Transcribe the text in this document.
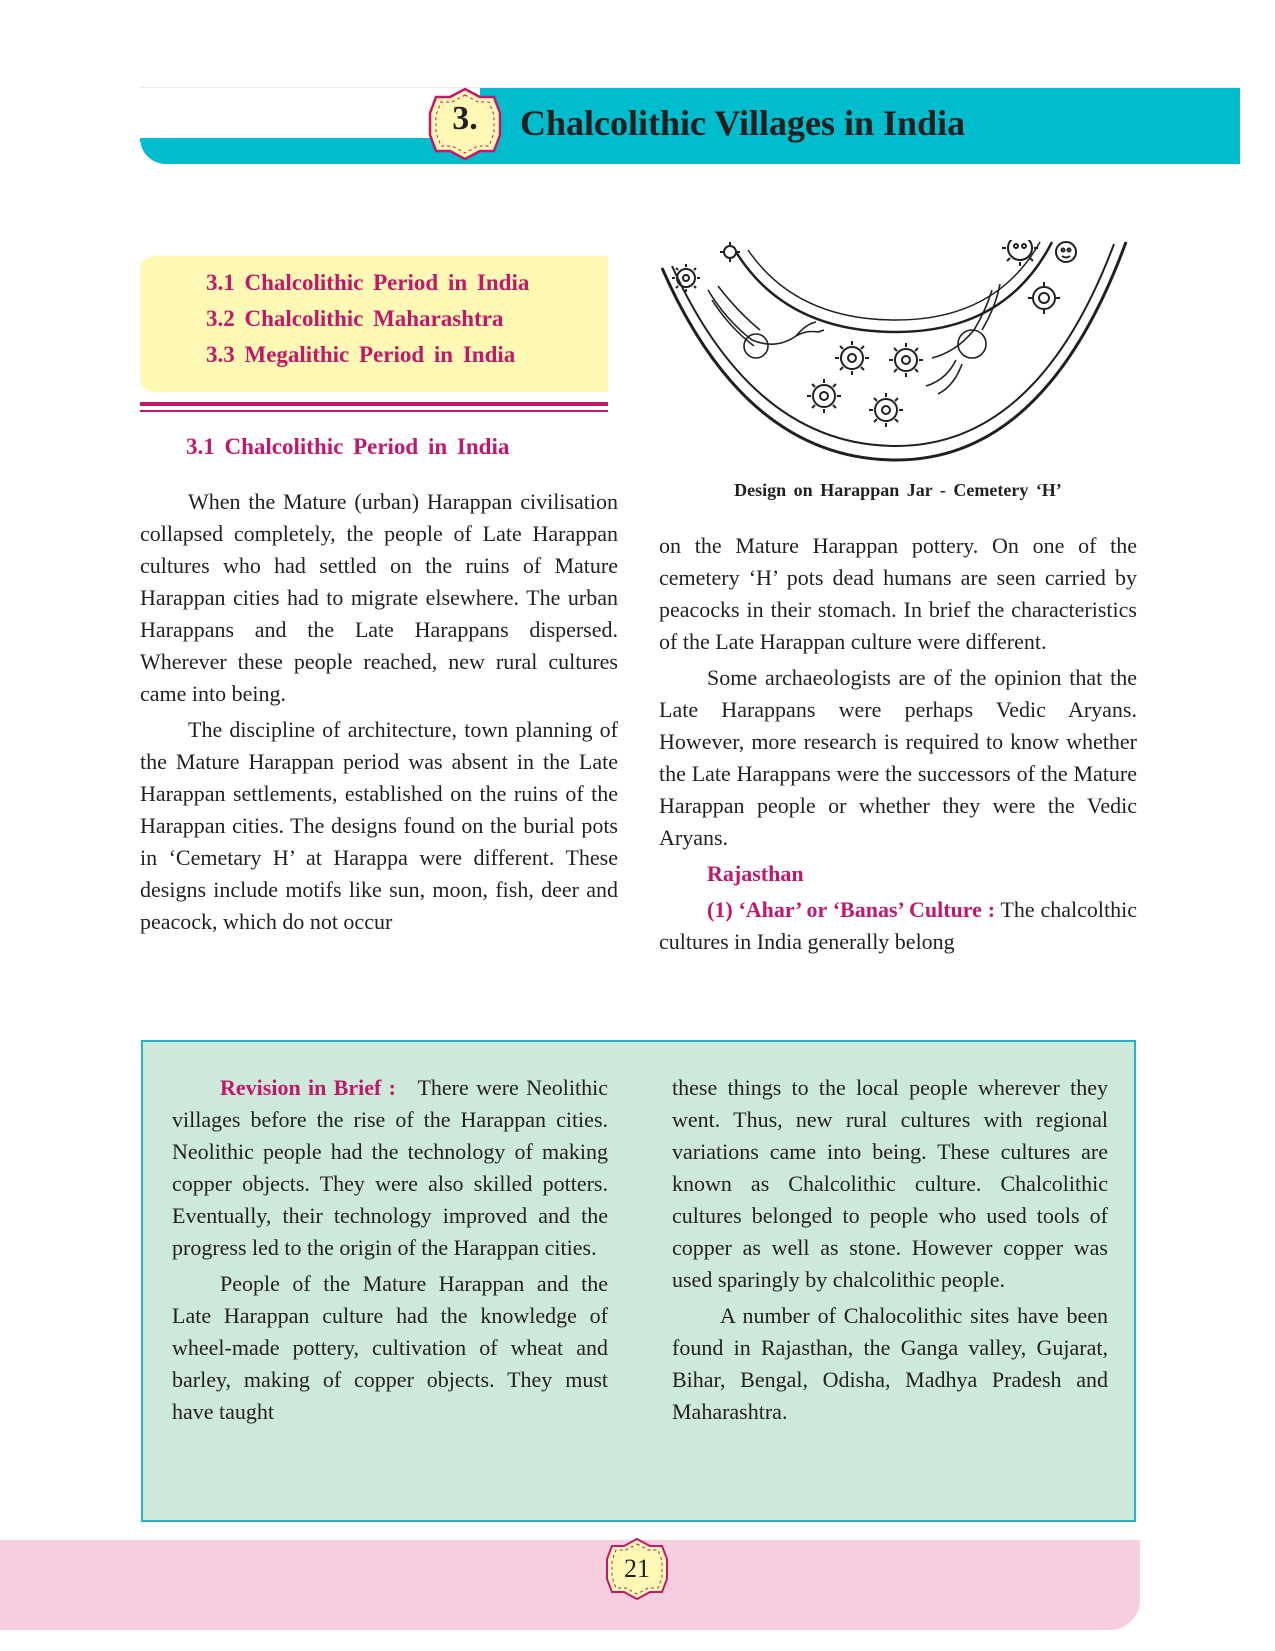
3.	Chalcolithic Villages in India
3.1 Chalcolithic Period in India
3.2 Chalcolithic Maharashtra
3.3 Megalithic Period in India
3.1 Chalcolithic Period in India

When the Mature (urban) Harappan civilisation collapsed completely, the people of Late Harappan cultures who had settled on the ruins of Mature Harappan cities had to migrate elsewhere. The urban Harappans and the Late Harappans dispersed. Wherever these people reached, new rural cultures came into being.

The discipline of architecture, town planning of the Mature Harappan period was absent in the Late Harappan settlements, established on the ruins of the Harappan cities. The designs found on the burial pots in ‘Cemetary H’ at Harappa were different. These designs include motifs like sun, moon, fish, deer and peacock, which do not occur

Design on Harappan Jar - Cemetery ‘H’

on the Mature Harappan pottery. On one of the cemetery ‘H’ pots dead humans are seen carried by peacocks in their stomach. In brief the characteristics of the Late Harappan culture were different.

Some archaeologists are of the opinion that the Late Harappans were perhaps Vedic Aryans. However, more research is required to know whether the Late Harappans were the successors of the Mature Harappan people or whether they were the Vedic Aryans.

Rajasthan

(1) ‘Ahar’ or ‘Banas’ Culture : The chalcolthic cultures in India generally belong

Revision in Brief : There were Neolithic villages before the rise of the Harappan cities. Neolithic people had the technology of making copper objects. They were also skilled potters. Eventually, their technology improved and the progress led to the origin of the Harappan cities.

People of the Mature Harappan and the Late Harappan culture had the knowledge of wheel-made pottery, cultivation of wheat and barley, making of copper objects. They must have taught

these things to the local people wherever they went. Thus, new rural cultures with regional variations came into being. These cultures are known as Chalcolithic culture. Chalcolithic cultures belonged to people who used tools of copper as well as stone. However copper was used sparingly by chalcolithic people.

A number of Chalocolithic sites have been found in Rajasthan, the Ganga valley, Gujarat, Bihar, Bengal, Odisha, Madhya Pradesh and Maharashtra.

21
